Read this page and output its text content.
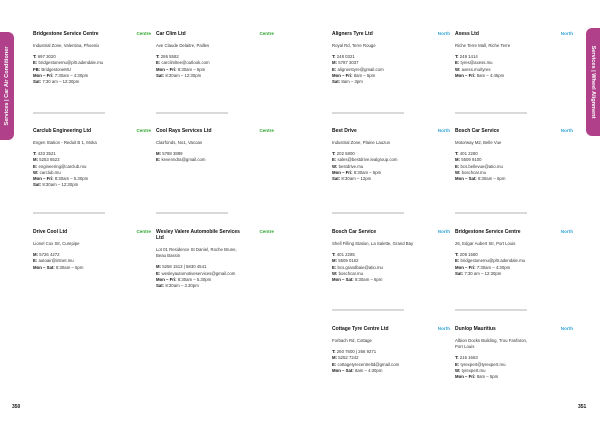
Services | Car Air Conditioner
Bridgestone Service Centre	Centre
Industrial Zone, Valentina, Phoenix
T: 697 3020
E: bridgestonemu@pltr.adendale.mu
FB: BridgestoneMU
Mon – Fri: 7:30am – 4:30pm
Sat: 7:30 am – 12:30pm
Car Clim Ltd	Centre
Ave Claude Delaitre, Pailles
T: 286 5582
E: carclimltee@outlook.com
Mon – Fri: 8:30am – 5pm
Sat: 8:30am – 12:30pm
Carclub Engineering Ltd	Centre
Engen Station - Reduit B 1, Moka
T: 433 3521
M: 5253 6523
E: engineering@carclub.mu
W: carclub.mu
Mon – Fri: 8:30am – 5.30pm
Sat: 8:30am – 12:30pm
Cool Rays Services Ltd	Centre
Clairfonds, No1, Vacoas
M: 5788 3889
E: kevenndra@gmail.com
Drive Cool Ltd	Centre
Lionel Cox Str, Curepipe
M: 5726 4272
E: autoair@intnet.mu
Mon – Sat: 8:30am – 5pm
Wesley Valere Automobile Services Ltd
Centre
Lot 01 Residence St Daniel, Roche Brune,
Beau Bassin
M: 5258 1513 | 5830 4541
E: wesleyautomotiveservices@gmail.com
Mon – Fri: 8:30am – 5.30pm
Sat: 8:30am – 3.30pm
350
Services | Wheel Alignment
Aligners Tyre Ltd	North
Royal Rd, Terre Rouge
T: 248 0321
M: 5787 3037
E: alignerstyre@gmail.com
Mon – Fri: 8am – 5pm
Sat: 8am – 3pm
Axess Ltd	North
Riche Terre Mall, Riche Terre
T: 249 1414
E: tyres@axess.mu
W: axess.mu/tyres
Mon – Fri: 8am – 4:45pm
Best Drive	North
Industrial Zone, Plaine Lauzun
T: 202 5800
E: sales@bestdrive.lealgroup.com
W: bestdrive.mu
Mon – Fri: 8:30am – 5pm
Sat: 8:30am – 12pm
Bosch Car Service	North
Motorway M2, Belle Vue
T: 401 2280
M: 5509 9100
E: bcs.bellevue@atio.mu
W: boschcar.mu
Mon – Sat: 8:30am – 6pm
Bosch Car Service	North
Shell Filling Station, La Salette, Grand Bay
T: 401 2285
M: 5509 0162
E: bcs.grandbaie@atio.mu
W: boschcar.mu
Mon – Sat: 8:30am – 6pm
Bridgestone Service Centre	North
26, Edgar Aubert Str, Port Louis
T: 208 1580
E: bridgestonemu@pltr.adendale.mu
Mon – Fri: 7:30am – 4:30pm
Sat: 7:30 am – 12:30pm
Cottage Tyre Centre Ltd	North
Forbach Rd, Cottage
T: 260 7600 | 266 9271
M: 5252 7242
E: cottagetyrecentreltd@gmail.com
Mon – Sat: 8am – 4:30pm
Dunlop Mauritius	North
Albion Docks Building, Trou Fanfaron,
Port Louis
T: 216 1663
E: tyrexpert@tyrexpert.mu
W: tyrexpert.mu
Mon – Fri: 8am – 5pm
351
